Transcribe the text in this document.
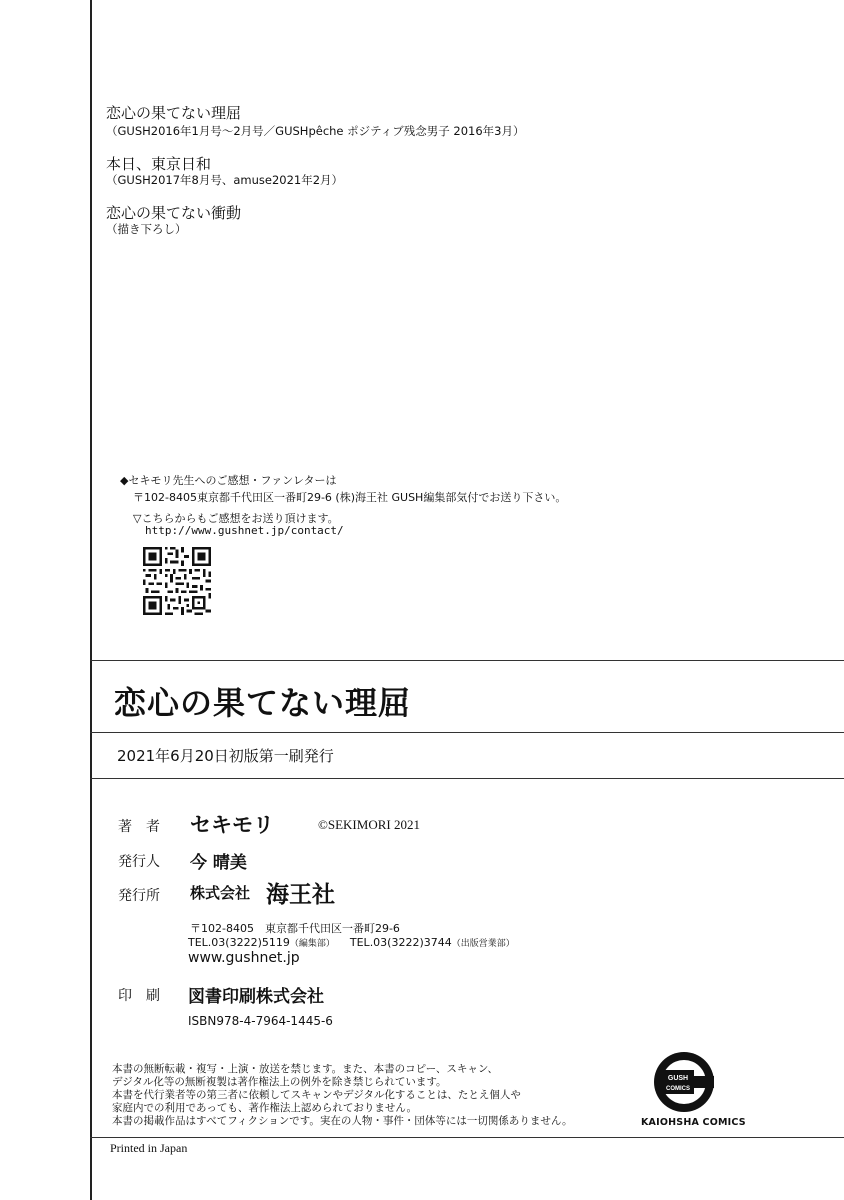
恋心の果てない理屈
（GUSH2016年1月号～2月号／GUSHpêche ポジティブ残念男子 2016年3月）
本日、東京日和
（GUSH2017年8月号、amuse2021年2月）
恋心の果てない衝動
（描き下ろし）
◆セキモリ先生へのご感想・ファンレターは
〒102-8405東京都千代田区一番町29-6 (株)海王社 GUSH編集部気付でお送り下さい。
▽こちらからもご感想をお送り頂けます。
http://www.gushnet.jp/contact/
恋心の果てない理屈
2021年6月20日初版第一刷発行
著　者 セキモリ	©SEKIMORI 2021
発行人 今 晴美
発行所 株式会社 海王社
〒102-8405　東京都千代田区一番町29-6
TEL.03(3222)5119（編集部） TEL.03(3222)3744（出版営業部）
www.gushnet.jp
印　刷 図書印刷株式会社
ISBN978-4-7964-1445-6
本書の無断転載・複写・上演・放送を禁じます。また、本書のコピー、スキャン、
デジタル化等の無断複製は著作権法上の例外を除き禁じられています。
本書を代行業者等の第三者に依頼してスキャンやデジタル化することは、たとえ個人や
家庭内での利用であっても、著作権法上認められておりません。
本書の掲載作品はすべてフィクションです。実在の人物・事件・団体等には一切関係ありません。
GUSH
COMICS
KAIOHSHA COMICS
Printed in Japan
